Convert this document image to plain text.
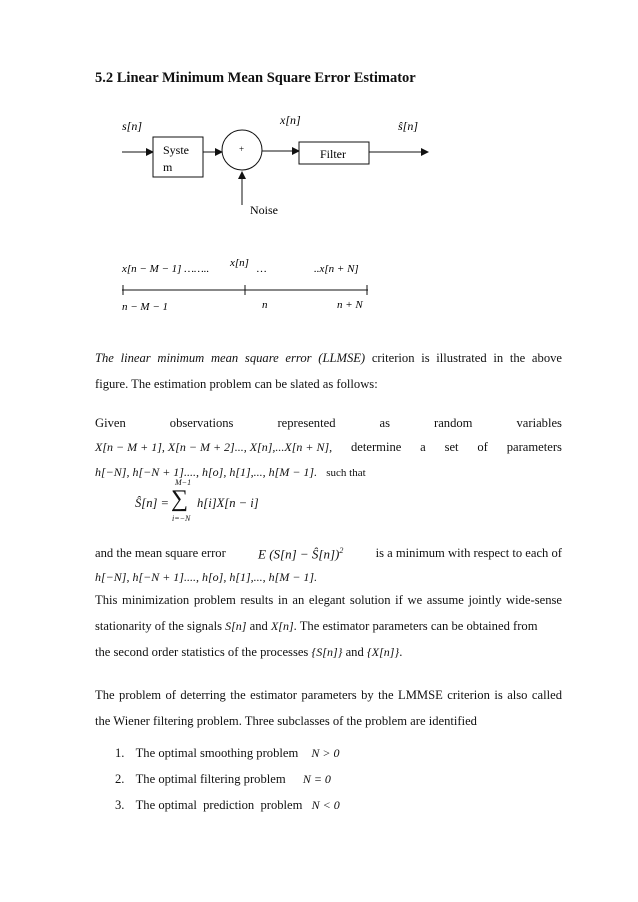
5.2 Linear Minimum Mean Square Error Estimator
s[n]
Syste
m
+
Noise
x[n]
Filter
ŝ[n]
x[n − M − 1] …….. x[n] …	..x[n + N]
n − M − 1	n	n + N
The linear minimum mean square error (LLMSE) criterion is illustrated in the above
figure. The estimation problem can be slated as follows:
Given	observations	represented	as	random	variables
X[n − M + 1], X[n − M + 2]..., X[n],...X[n + N], determine a set of parameters
h[−N], h[−N + 1]...., h[o], h[1],..., h[M − 1]. such that
Ŝ[n] =
M−1
∑
i=−N
h[i]X[n − i]
and the mean square error E (S[n] − Ŝ[n])$^2$	is a minimum with respect to each of
h[−N], h[−N + 1]...., h[o], h[1],..., h[M − 1].
This minimization problem results in an elegant solution if we assume jointly wide-sense
stationarity of the signals S[n] and X[n]. The estimator parameters can be obtained from
the second order statistics of the processes {S[n]} and {X[n]}.
The problem of deterring the estimator parameters by the LMMSE criterion is also called
the Wiener filtering problem. Three subclasses of the problem are identified
1. The optimal smoothing problem N > 0
2. The optimal filtering problem N = 0
3. The optimal  prediction  problem N < 0
